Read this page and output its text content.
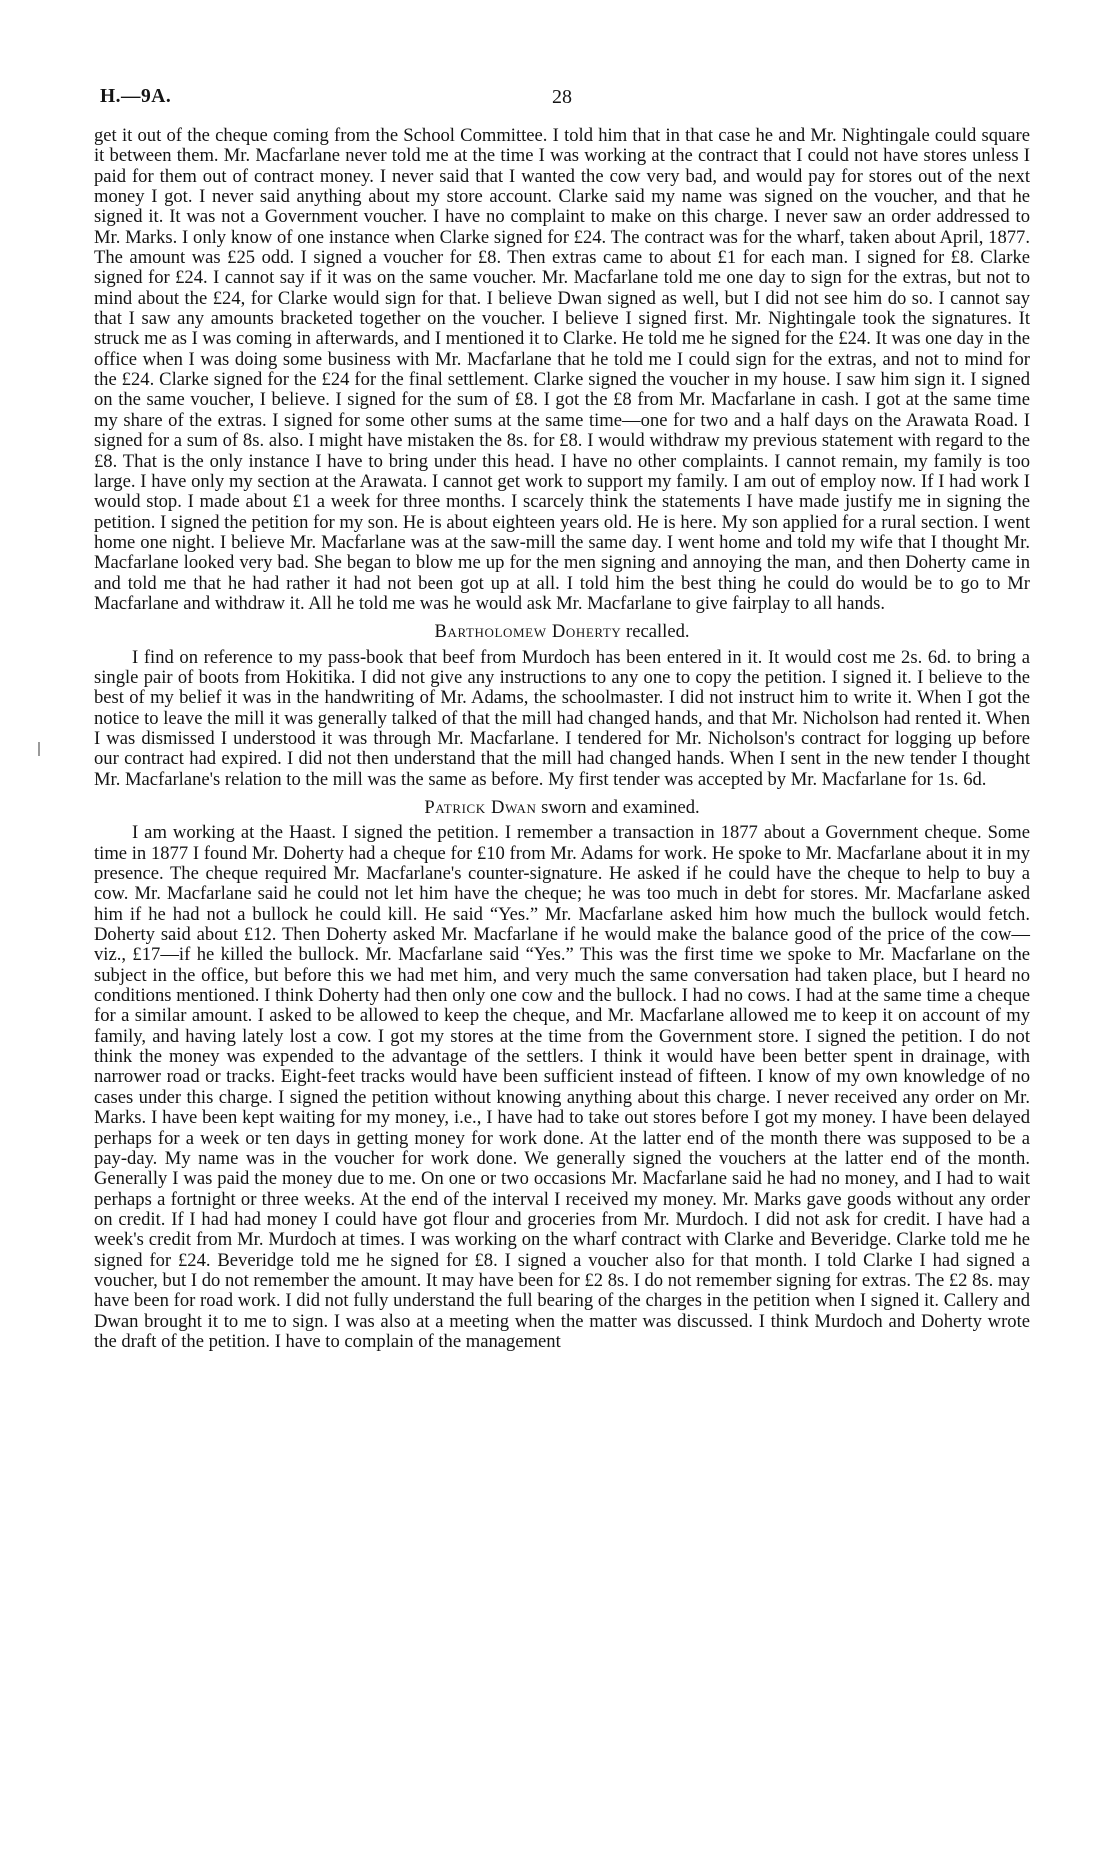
H.—9A.	28

get it out of the cheque coming from the School Committee. I told him that in that case he and Mr. Nightingale could square it between them. Mr. Macfarlane never told me at the time I was working at the contract that I could not have stores unless I paid for them out of contract money. I never said that I wanted the cow very bad, and would pay for stores out of the next money I got. I never said anything about my store account. Clarke said my name was signed on the voucher, and that he signed it. It was not a Government voucher. I have no complaint to make on this charge. I never saw an order addressed to Mr. Marks. I only know of one instance when Clarke signed for £24. The contract was for the wharf, taken about April, 1877. The amount was £25 odd. I signed a voucher for £8. Then extras came to about £1 for each man. I signed for £8. Clarke signed for £24. I cannot say if it was on the same voucher. Mr. Macfarlane told me one day to sign for the extras, but not to mind about the £24, for Clarke would sign for that. I believe Dwan signed as well, but I did not see him do so. I cannot say that I saw any amounts bracketed together on the voucher. I believe I signed first. Mr. Nightingale took the signatures. It struck me as I was coming in afterwards, and I mentioned it to Clarke. He told me he signed for the £24. It was one day in the office when I was doing some business with Mr. Macfarlane that he told me I could sign for the extras, and not to mind for the £24. Clarke signed for the £24 for the final settlement. Clarke signed the voucher in my house. I saw him sign it. I signed on the same voucher, I believe. I signed for the sum of £8. I got the £8 from Mr. Macfarlane in cash. I got at the same time my share of the extras. I signed for some other sums at the same time—one for two and a half days on the Arawata Road. I signed for a sum of 8s. also. I might have mistaken the 8s. for £8. I would withdraw my previous statement with regard to the £8. That is the only instance I have to bring under this head. I have no other complaints. I cannot remain, my family is too large. I have only my section at the Arawata. I cannot get work to support my family. I am out of employ now. If I had work I would stop. I made about £1 a week for three months. I scarcely think the statements I have made justify me in signing the petition. I signed the petition for my son. He is about eighteen years old. He is here. My son applied for a rural section. I went home one night. I believe Mr. Macfarlane was at the saw-mill the same day. I went home and told my wife that I thought Mr. Macfarlane looked very bad. She began to blow me up for the men signing and annoying the man, and then Doherty came in and told me that he had rather it had not been got up at all. I told him the best thing he could do would be to go to Mr Macfarlane and withdraw it. All he told me was he would ask Mr. Macfarlane to give fairplay to all hands.

Bartholomew Doherty recalled.

I find on reference to my pass-book that beef from Murdoch has been entered in it. It would cost me 2s. 6d. to bring a single pair of boots from Hokitika. I did not give any instructions to any one to copy the petition. I signed it. I believe to the best of my belief it was in the handwriting of Mr. Adams, the schoolmaster. I did not instruct him to write it. When I got the notice to leave the mill it was generally talked of that the mill had changed hands, and that Mr. Nicholson had rented it. When I was dismissed I understood it was through Mr. Macfarlane. I tendered for Mr. Nicholson's contract for logging up before our contract had expired. I did not then understand that the mill had changed hands. When I sent in the new tender I thought Mr. Macfarlane's relation to the mill was the same as before. My first tender was accepted by Mr. Macfarlane for 1s. 6d.

Patrick Dwan sworn and examined.

I am working at the Haast. I signed the petition. I remember a transaction in 1877 about a Government cheque. Some time in 1877 I found Mr. Doherty had a cheque for £10 from Mr. Adams for work. He spoke to Mr. Macfarlane about it in my presence. The cheque required Mr. Macfarlane's counter-signature. He asked if he could have the cheque to help to buy a cow. Mr. Macfarlane said he could not let him have the cheque; he was too much in debt for stores. Mr. Macfarlane asked him if he had not a bullock he could kill. He said “Yes.” Mr. Macfarlane asked him how much the bullock would fetch. Doherty said about £12. Then Doherty asked Mr. Macfarlane if he would make the balance good of the price of the cow—viz., £17—if he killed the bullock. Mr. Macfarlane said “Yes.” This was the first time we spoke to Mr. Macfarlane on the subject in the office, but before this we had met him, and very much the same conversation had taken place, but I heard no conditions mentioned. I think Doherty had then only one cow and the bullock. I had no cows. I had at the same time a cheque for a similar amount. I asked to be allowed to keep the cheque, and Mr. Macfarlane allowed me to keep it on account of my family, and having lately lost a cow. I got my stores at the time from the Government store. I signed the petition. I do not think the money was expended to the advantage of the settlers. I think it would have been better spent in drainage, with narrower road or tracks. Eight-feet tracks would have been sufficient instead of fifteen. I know of my own knowledge of no cases under this charge. I signed the petition without knowing anything about this charge. I never received any order on Mr. Marks. I have been kept waiting for my money, i.e., I have had to take out stores before I got my money. I have been delayed perhaps for a week or ten days in getting money for work done. At the latter end of the month there was supposed to be a pay-day. My name was in the voucher for work done. We generally signed the vouchers at the latter end of the month. Generally I was paid the money due to me. On one or two occasions Mr. Macfarlane said he had no money, and I had to wait perhaps a fortnight or three weeks. At the end of the interval I received my money. Mr. Marks gave goods without any order on credit. If I had had money I could have got flour and groceries from Mr. Murdoch. I did not ask for credit. I have had a week's credit from Mr. Murdoch at times. I was working on the wharf contract with Clarke and Beveridge. Clarke told me he signed for £24. Beveridge told me he signed for £8. I signed a voucher also for that month. I told Clarke I had signed a voucher, but I do not remember the amount. It may have been for £2 8s. I do not remember signing for extras. The £2 8s. may have been for road work. I did not fully understand the full bearing of the charges in the petition when I signed it. Callery and Dwan brought it to me to sign. I was also at a meeting when the matter was discussed. I think Murdoch and Doherty wrote the draft of the petition. I have to complain of the management
